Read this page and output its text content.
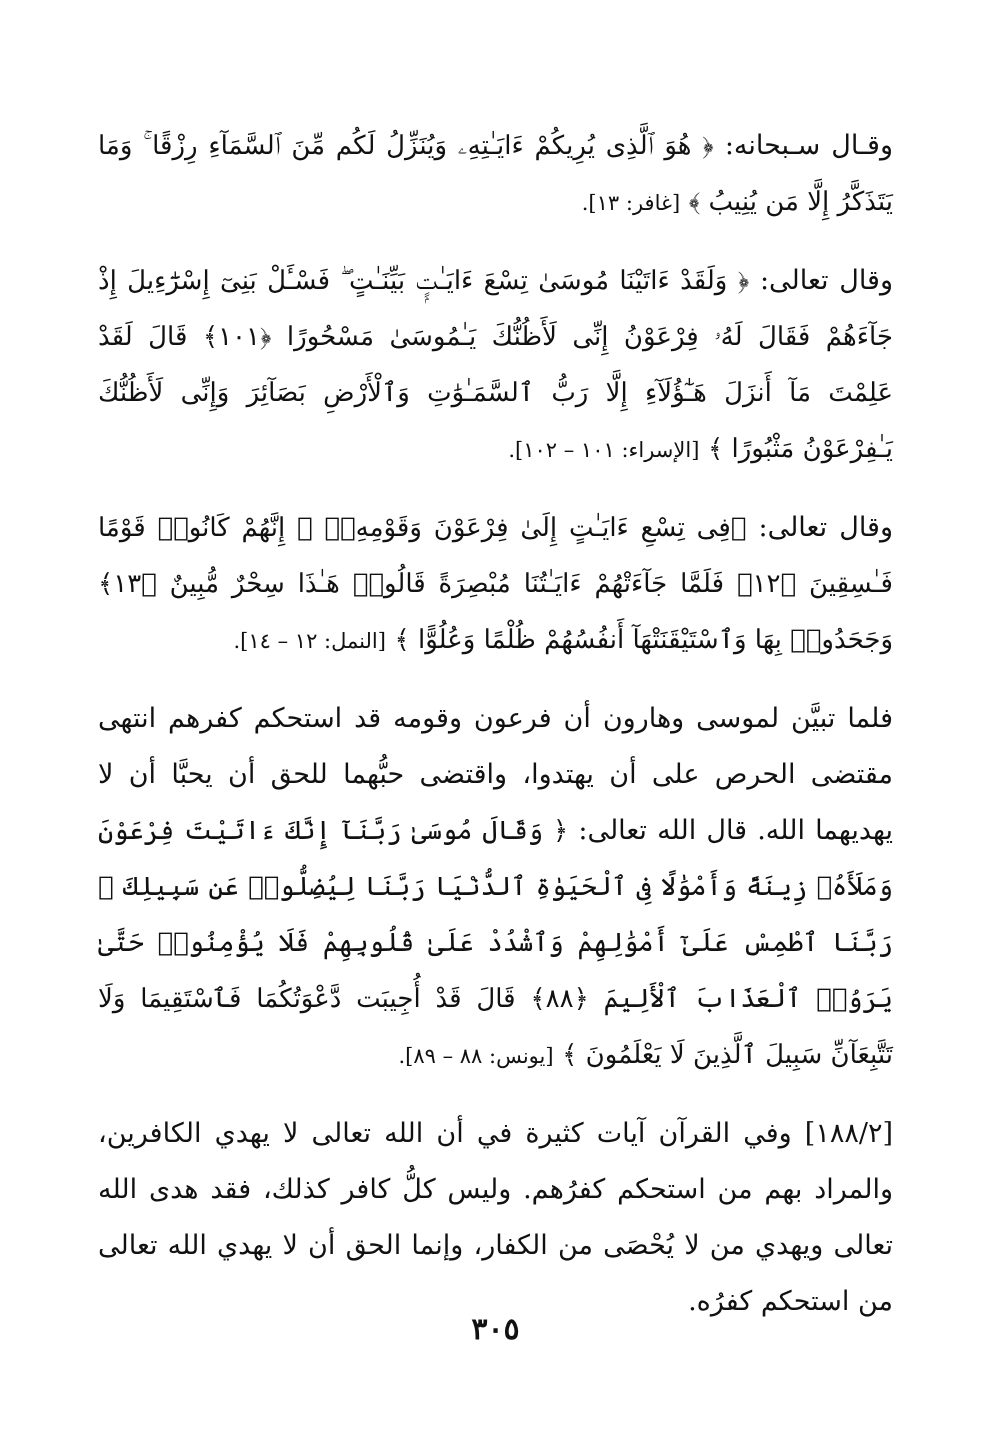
وقـال سـبحانه: ﴿ هُوَ ٱلَّذِى يُرِيكُمْ ءَايَـٰتِهِۦ وَيُنَزِّلُ لَكُم مِّنَ ٱلسَّمَآءِ رِزْقًا ۚ وَمَا يَتَذَكَّرُ إِلَّا مَن يُنِيبُ ﴾ [غافر: ١٣].

وقال تعالى: ﴿ وَلَقَدْ ءَاتَيْنَا مُوسَىٰ تِسْعَ ءَايَـٰتٍۭ بَيِّنَـٰتٍ ۖ فَسْـَٔلْ بَنِىٓ إِسْرَٰٓءِيلَ إِذْ جَآءَهُمْ فَقَالَ لَهُۥ فِرْعَوْنُ إِنِّى لَأَظُنُّكَ يَـٰمُوسَىٰ مَسْحُورًا ﴿١٠١﴾ قَالَ لَقَدْ عَلِمْتَ مَآ أَنزَلَ هَـٰٓؤُلَآءِ إِلَّا رَبُّ ٱلسَّمَـٰوَٰتِ وَٱلْأَرْضِ بَصَآئِرَ وَإِنِّى لَأَظُنُّكَ يَـٰفِرْعَوْنُ مَثْبُورًا ﴾ [الإسراء: ١٠١ – ١٠٢].

وقال تعالى: ﴿فِى تِسْعِ ءَايَـٰتٍ إِلَىٰ فِرْعَوْنَ وَقَوْمِهِۦٓ ۚ إِنَّهُمْ كَانُوا۟ قَوْمًا فَـٰسِقِينَ ﴿١٢﴾ فَلَمَّا جَآءَتْهُمْ ءَايَـٰتُنَا مُبْصِرَةً قَالُوا۟ هَـٰذَا سِحْرٌ مُّبِينٌ ﴿١٣﴾ وَجَحَدُوا۟ بِهَا وَٱسْتَيْقَنَتْهَآ أَنفُسُهُمْ ظُلْمًا وَعُلُوًّا ﴾ [النمل: ١٢ – ١٤].

فلما تبيَّن لموسى وهارون أن فرعون وقومه قد استحكم كفرهم انتهى مقتضى الحرص على أن يهتدوا، واقتضى حبُّهما للحق أن يحبَّا أن لا يهديهما الله. قال الله تعالى: ﴿ وَقَالَ مُوسَىٰ رَبَّنَآ إِنَّكَ ءَاتَيْتَ فِرْعَوْنَ وَمَلَأَهُۥ زِينَةً وَأَمْوَٰلًا فِى ٱلْحَيَوٰةِ ٱلدُّنْيَا رَبَّنَا لِيُضِلُّوا۟ عَن سَبِيلِكَ ۖ رَبَّنَا ٱطْمِسْ عَلَىٰٓ أَمْوَٰلِهِمْ وَٱشْدُدْ عَلَىٰ قُلُوبِهِمْ فَلَا يُؤْمِنُوا۟ حَتَّىٰ يَرَوُا۟ ٱلْعَذَابَ ٱلْأَلِيمَ ﴿٨٨﴾ قَالَ قَدْ أُجِيبَت دَّعْوَتُكُمَا فَٱسْتَقِيمَا وَلَا تَتَّبِعَآنِّ سَبِيلَ ٱلَّذِينَ لَا يَعْلَمُونَ ﴾ [يونس: ٨٨ – ٨٩].

[١٨٨/٢] وفي القرآن آيات كثيرة في أن الله تعالى لا يهدي الكافرين، والمراد بهم من استحكم كفرُهم. وليس كلُّ كافر كذلك، فقد هدى الله تعالى ويهدي من لا يُحْصَى من الكفار، وإنما الحق أن لا يهدي الله تعالى من استحكم كفرُه.

٣٠٥
